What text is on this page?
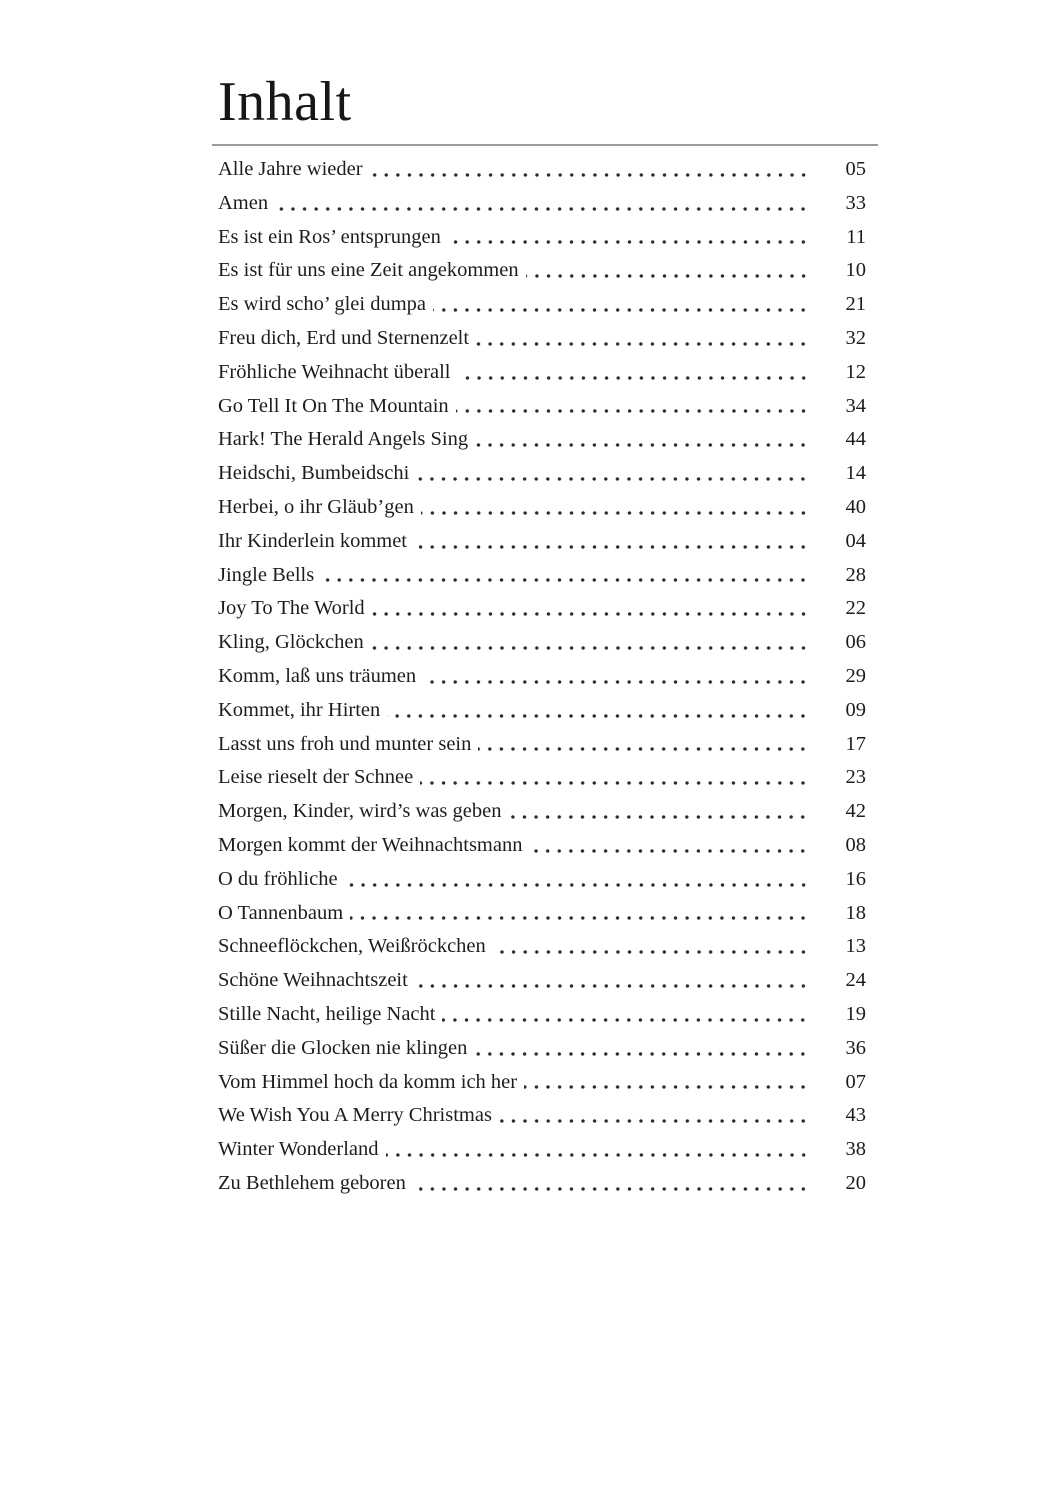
Inhalt
Alle Jahre wieder	05
Amen	33
Es ist ein Ros’ entsprungen	11
Es ist für uns eine Zeit angekommen	10
Es wird scho’ glei dumpa	21
Freu dich, Erd und Sternenzelt	32
Fröhliche Weihnacht überall	12
Go Tell It On The Mountain	34
Hark! The Herald Angels Sing	44
Heidschi, Bumbeidschi	14
Herbei, o ihr Gläub’gen	40
Ihr Kinderlein kommet	04
Jingle Bells	28
Joy To The World	22
Kling, Glöckchen	06
Komm, laß uns träumen	29
Kommet, ihr Hirten	09
Lasst uns froh und munter sein	17
Leise rieselt der Schnee	23
Morgen, Kinder, wird’s was geben	42
Morgen kommt der Weihnachtsmann	08
O du fröhliche	16
O Tannenbaum	18
Schneeflöckchen, Weißröckchen	13
Schöne Weihnachtszeit	24
Stille Nacht, heilige Nacht	19
Süßer die Glocken nie klingen	36
Vom Himmel hoch da komm ich her	07
We Wish You A Merry Christmas	43
Winter Wonderland	38
Zu Bethlehem geboren	20
